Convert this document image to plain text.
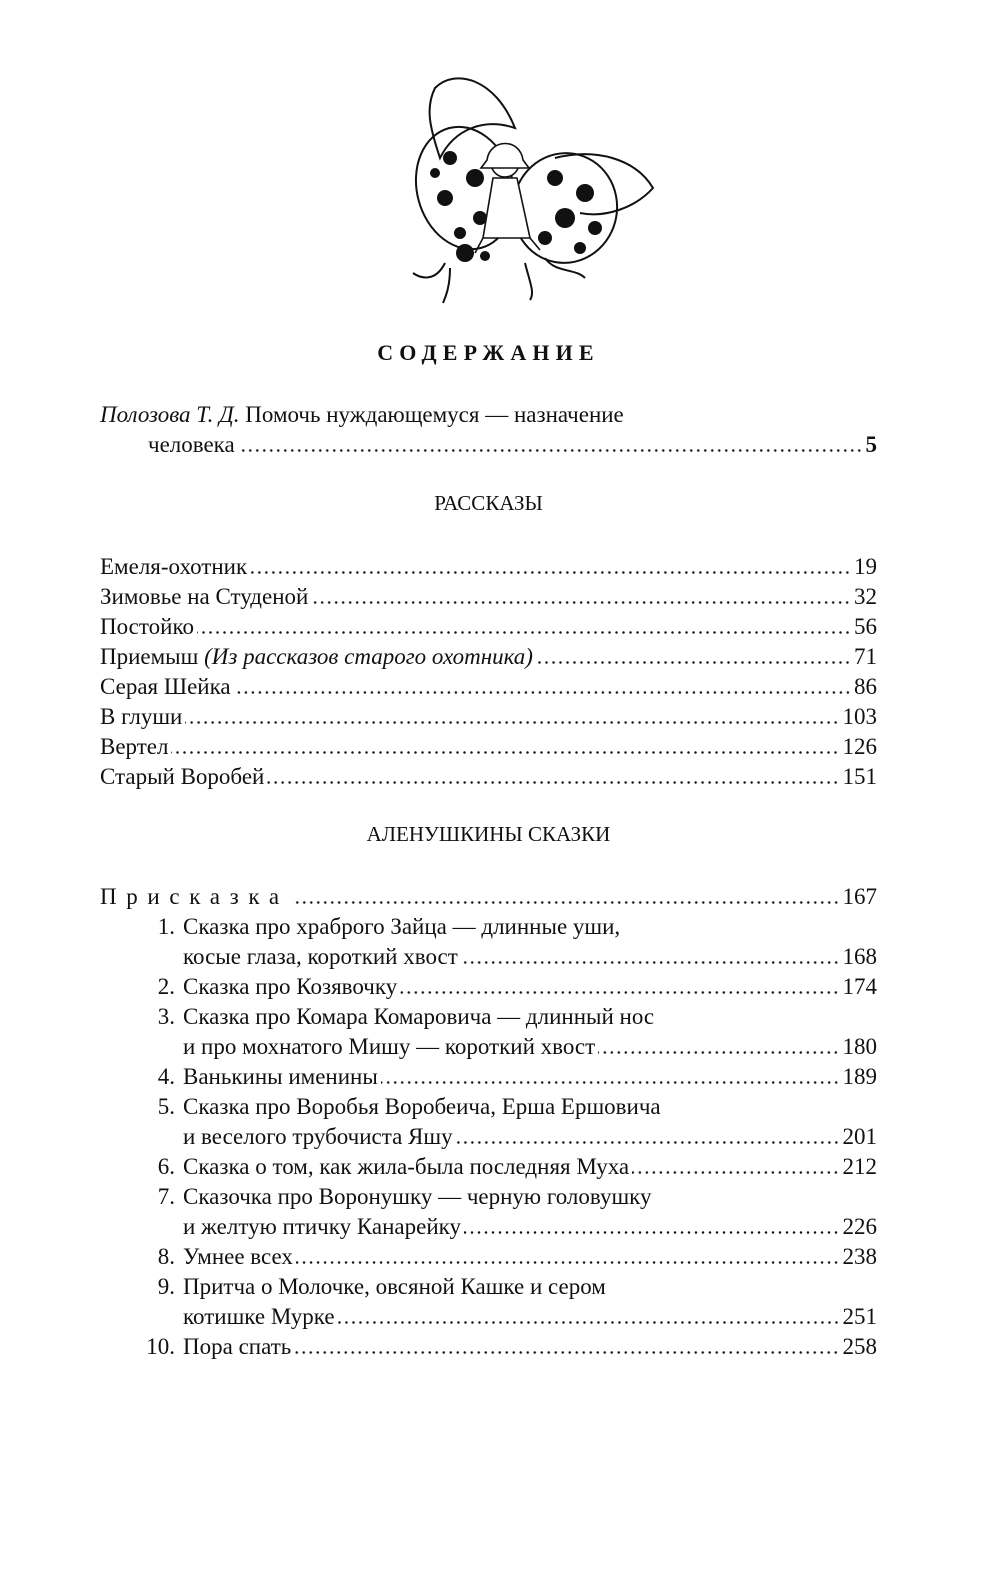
СОДЕРЖАНИЕ
Полозова Т. Д.
Помочь нуждающемуся — назначение
человека	5
РАССКАЗЫ
Емеля-охотник	19
Зимовье на Студеной	32
Постойко	56
Приемыш
(Из рассказов старого охотника)	71
Серая Шейка	86
В глуши	103
Вертел	126
Старый Воробей	151
АЛЕНУШКИНЫ СКАЗКИ
Присказка	167
1. Сказка про храброго Зайца — длинные уши,
косые глаза, короткий хвост	168
2. Сказка про Козявочку	174
3. Сказка про Комара Комаровича — длинный нос
и про мохнатого Мишу — короткий хвост	180
4. Ванькины именины	189
5. Сказка про Воробья Воробеича, Ерша Ершовича
и веселого трубочиста Яшу	201
6. Сказка о том, как жила-была последняя Муха	212
7. Сказочка про Воронушку — черную головушку
и желтую птичку Канарейку	226
8. Умнее всех	238
9. Притча о Молочке, овсяной Кашке и сером
котишке Мурке	251
10. Пора спать	258
